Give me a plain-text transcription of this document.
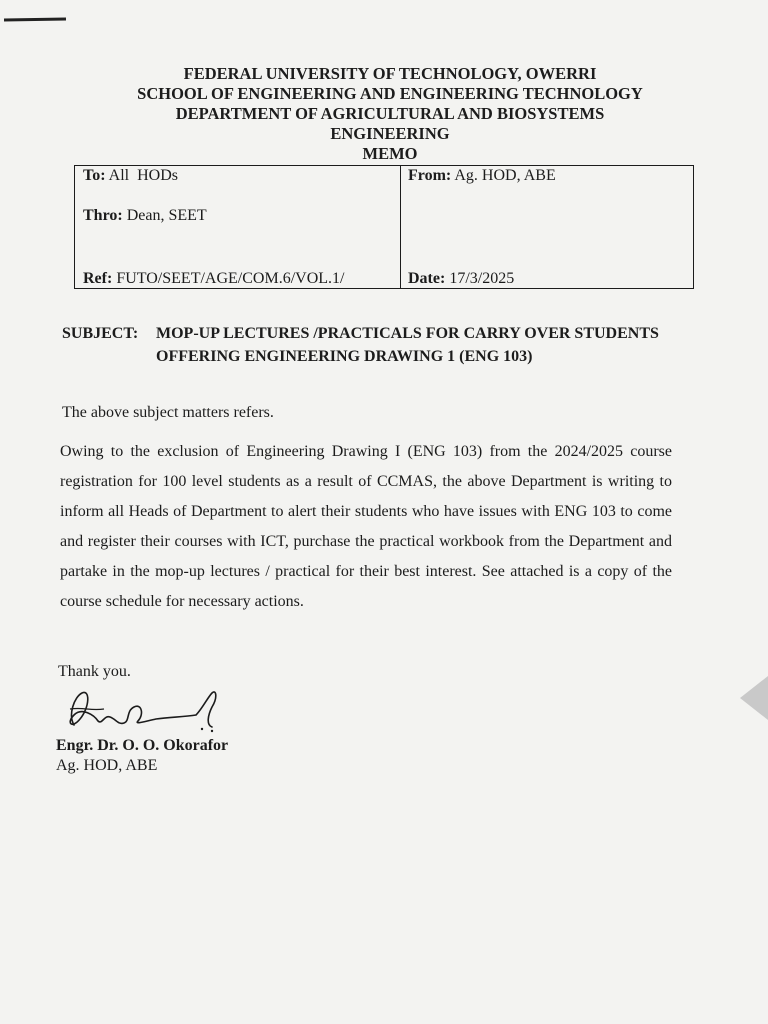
FEDERAL UNIVERSITY OF TECHNOLOGY, OWERRI
SCHOOL OF ENGINEERING AND ENGINEERING TECHNOLOGY
DEPARTMENT OF AGRICULTURAL AND BIOSYSTEMS
ENGINEERING
MEMO
To: All  HODs
Thro: Dean, SEET
Ref: FUTO/SEET/AGE/COM.6/VOL.1/
From: Ag. HOD, ABE
Date: 17/3/2025
SUBJECT: MOP-UP LECTURES /PRACTICALS FOR CARRY OVER STUDENTS OFFERING ENGINEERING DRAWING 1 (ENG 103)
The above subject matters refers.
Owing to the exclusion of Engineering Drawing I (ENG 103) from the 2024/2025 course registration for 100 level students as a result of CCMAS, the above Department is writing to inform all Heads of Department to alert their students who have issues with ENG 103 to come and register their courses with ICT, purchase the practical workbook from the Department and partake in the mop-up lectures / practical for their best interest. See attached is a copy of the course schedule for necessary actions.
Thank you.
Engr. Dr. O. O. Okorafor
Ag. HOD, ABE
